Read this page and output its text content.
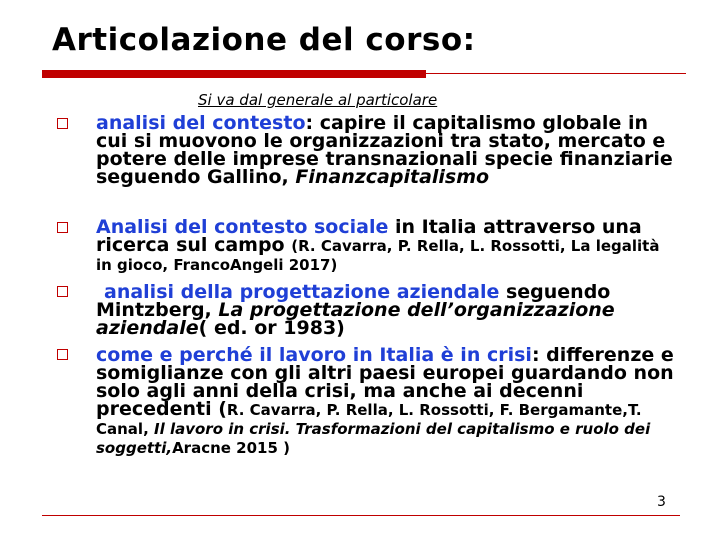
Articolazione del corso:
Si va dal generale al particolare
analisi del contesto: capire il capitalismo globale in cui si muovono le organizzazioni tra stato, mercato e potere delle imprese transnazionali specie finanziarie seguendo Gallino, Finanzcapitalismo
Analisi del contesto sociale in Italia attraverso una ricerca sul campo (R. Cavarra, P. Rella, L. Rossotti, La legalità in gioco, FrancoAngeli 2017)
analisi della progettazione aziendale seguendo Mintzberg, La progettazione dell’organizzazione aziendale( ed. or 1983)
come e perché il lavoro in Italia è in crisi: differenze e somiglianze con gli altri paesi europei guardando non solo agli anni della crisi, ma anche ai decenni precedenti (R. Cavarra, P. Rella, L. Rossotti, F. Bergamante,T. Canal, Il lavoro in crisi. Trasformazioni del capitalismo e ruolo dei soggetti,Aracne 2015 )
3
